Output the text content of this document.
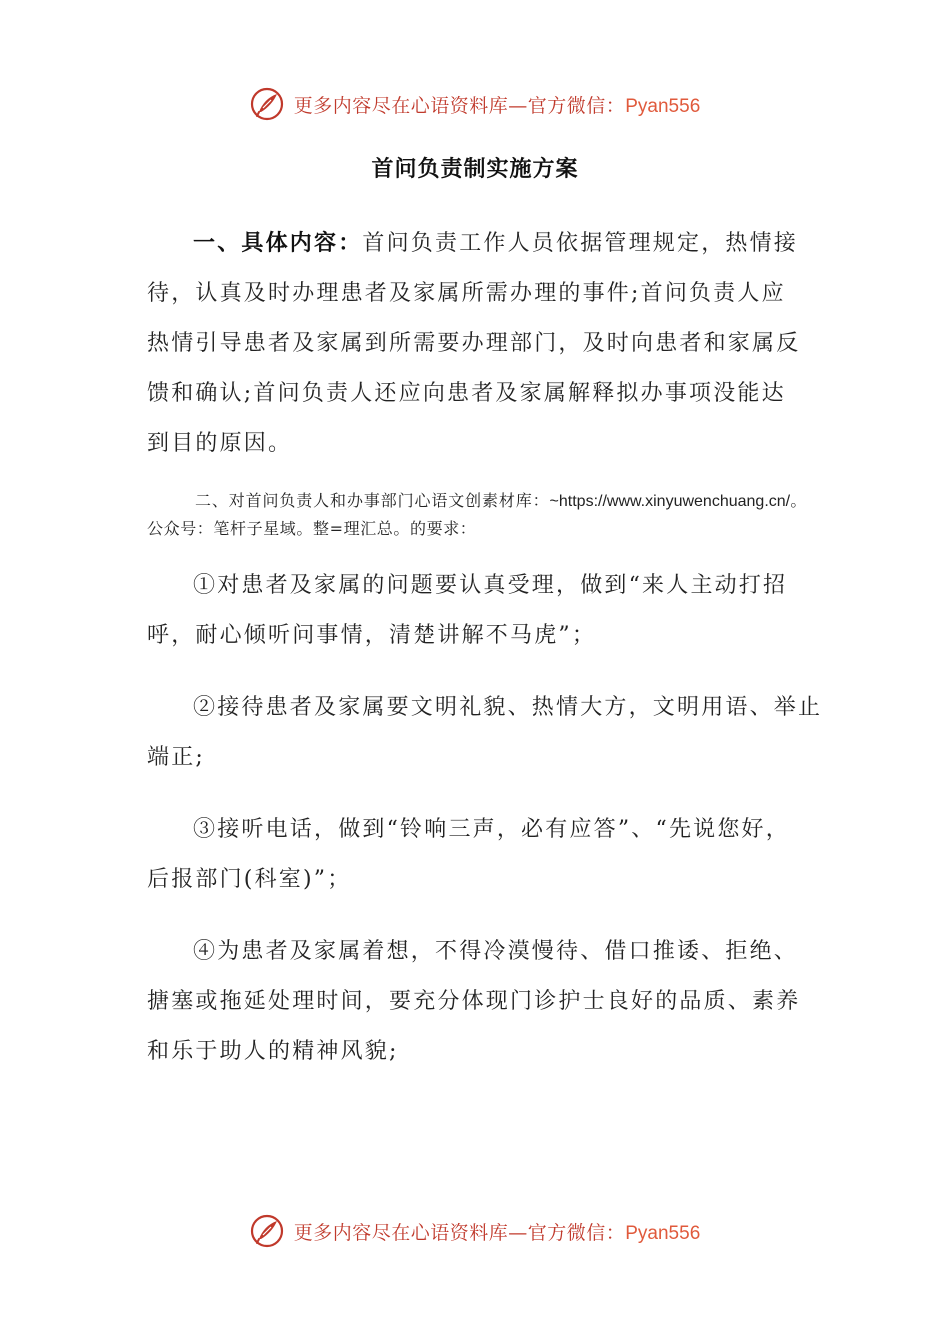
更多内容尽在心语资料库—官方微信：Pyan556
首问负责制实施方案

一、具体内容：首问负责工作人员依据管理规定，热情接待，认真及时办理患者及家属所需办理的事件;首问负责人应热情引导患者及家属到所需要办理部门，及时向患者和家属反馈和确认;首问负责人还应向患者及家属解释拟办事项没能达到目的原因。

二、对首问负责人和办事部门心语文创素材库：~https://www.xinyuwenchuang.cn/。公众号：笔杆子星域。整=理汇总。的要求：

①对患者及家属的问题要认真受理，做到“来人主动打招呼，耐心倾听问事情，清楚讲解不马虎”；

②接待患者及家属要文明礼貌、热情大方，文明用语、举止端正;

③接听电话，做到“铃响三声，必有应答”、“先说您好，后报部门(科室)”；

④为患者及家属着想，不得冷漠慢待、借口推诿、拒绝、搪塞或拖延处理时间，要充分体现门诊护士良好的品质、素养和乐于助人的精神风貌;

更多内容尽在心语资料库—官方微信：Pyan556
